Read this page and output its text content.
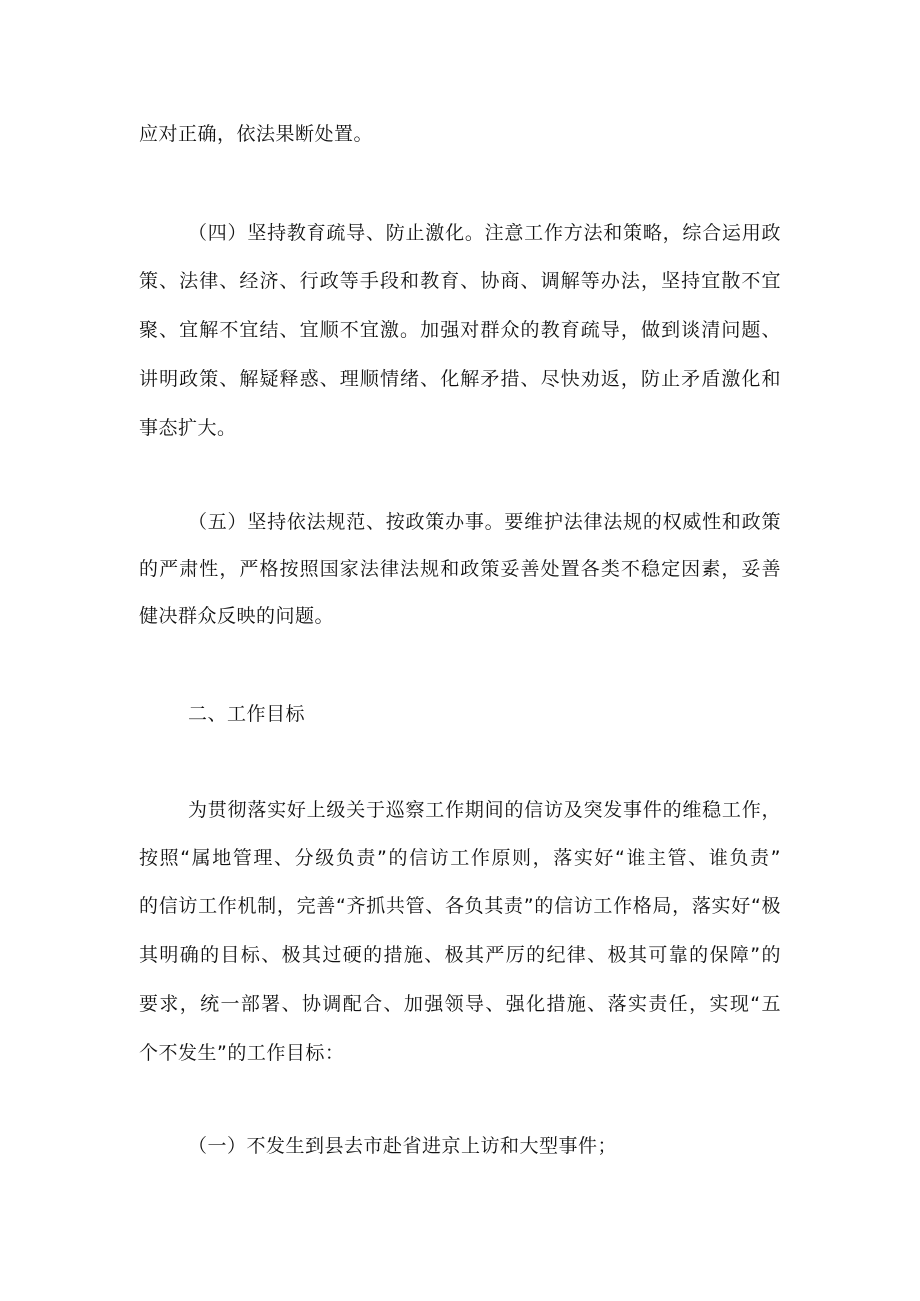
应对正确，依法果断处置。
（四）坚持教育疏导、防止激化。注意工作方法和策略，综合运用政
策、法律、经济、行政等手段和教育、协商、调解等办法，坚持宜散不宜
聚、宜解不宜结、宜顺不宜激。加强对群众的教育疏导，做到谈清问题、
讲明政策、解疑释惑、理顺情绪、化解矛措、尽快劝返，防止矛盾激化和
事态扩大。
（五）坚持依法规范、按政策办事。要维护法律法规的权威性和政策
的严肃性，严格按照国家法律法规和政策妥善处置各类不稳定因素，妥善
健决群众反映的问题。
二、工作目标
为贯彻落实好上级关于巡察工作期间的信访及突发事件的维稳工作，
按照“属地管理、分级负责”的信访工作原则，落实好“谁主管、谁负责”
的信访工作机制，完善“齐抓共管、各负其责”的信访工作格局，落实好“极
其明确的目标、极其过硬的措施、极其严厉的纪律、极其可靠的保障”的
要求，统一部署、协调配合、加强领导、强化措施、落实责任，实现“五
个不发生”的工作目标：
（一）不发生到县去市赴省进京上访和大型事件；
